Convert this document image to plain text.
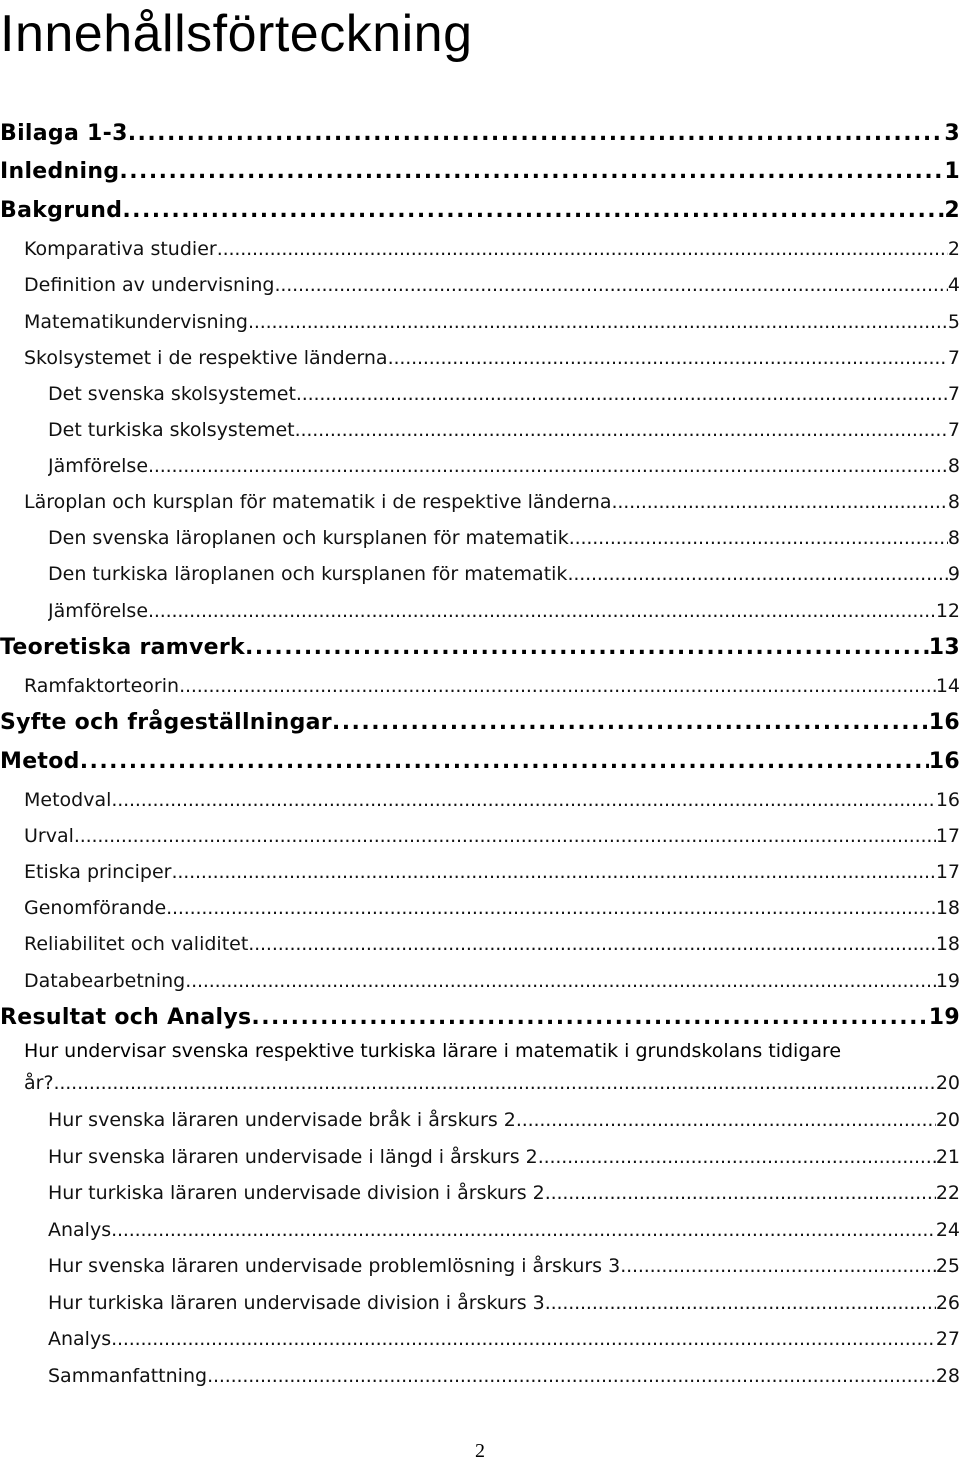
Innehållsförteckning
Bilaga 1-3 . . .	3
Inledning . . .	1
Bakgrund . . .	2
Komparativa studier . . .	2
Definition av undervisning . . .	4
Matematikundervisning . . .	5
Skolsystemet i de respektive länderna . . .	7
Det svenska skolsystemet . . .	7
Det turkiska skolsystemet . . .	7
Jämförelse . . .	8
Läroplan och kursplan för matematik i de respektive länderna . . .	8
Den svenska läroplanen och kursplanen för matematik . . .	8
Den turkiska läroplanen och kursplanen för matematik . . .	9
Jämförelse . . .	12
Teoretiska ramverk . . .	13
Ramfaktorteorin . . .	14
Syfte och frågeställningar . . .	16
Metod . . .	16
Metodval . . .	16
Urval . . .	17
Etiska principer . . .	17
Genomförande . . .	18
Reliabilitet och validitet . . .	18
Databearbetning . . .	19
Resultat och Analys . . .	19
Hur undervisar svenska respektive turkiska lärare i matematik i grundskolans tidigare
år? . . .	20
Hur svenska läraren undervisade bråk i årskurs 2 . . .	20
Hur svenska läraren undervisade i längd i årskurs 2 . . .	21
Hur turkiska läraren undervisade division i årskurs 2 . . .	22
Analys . . .	24
Hur svenska läraren undervisade problemlösning i årskurs 3 . . .	25
Hur turkiska läraren undervisade division i årskurs 3 . . .	26
Analys . . .	27
Sammanfattning . . .	28
2
